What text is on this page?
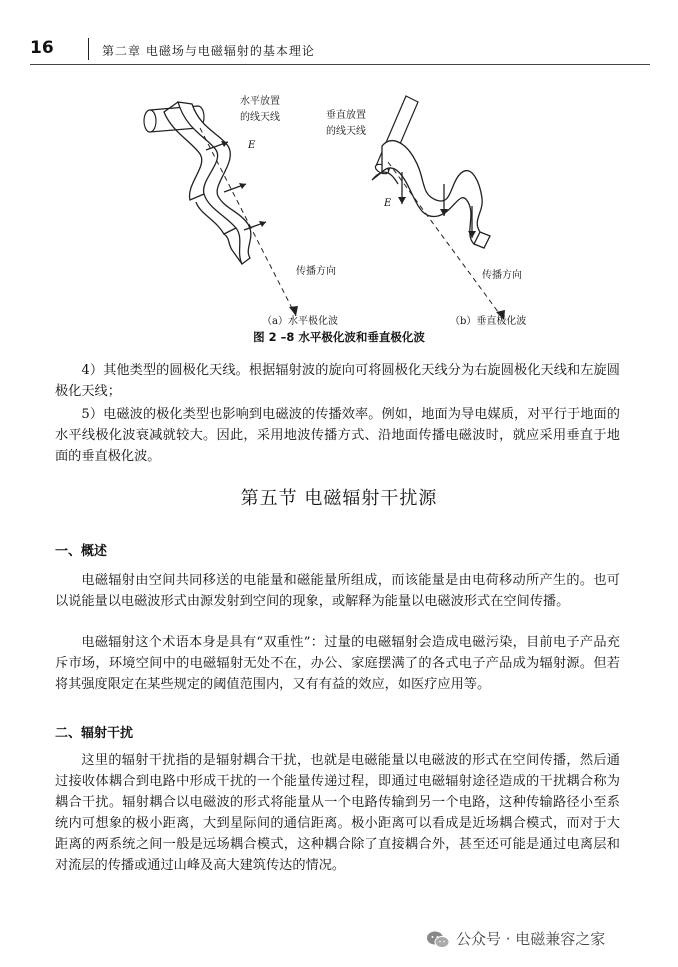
16	第二章 电磁场与电磁辐射的基本理论
水平放置
的线天线
E
传播方向
（a）水平极化波
垂直放置
的线天线
E
传播方向
（b）垂直极化波
图 2 –8 水平极化波和垂直极化波
4）其他类型的圆极化天线。根据辐射波的旋向可将圆极化天线分为右旋圆极化天线和左旋圆极化天线；
5）电磁波的极化类型也影响到电磁波的传播效率。例如，地面为导电媒质，对平行于地面的水平线极化波衰减就较大。因此，采用地波传播方式、沿地面传播电磁波时，就应采用垂直于地面的垂直极化波。
第五节 电磁辐射干扰源
一、概述
电磁辐射由空间共同移送的电能量和磁能量所组成，而该能量是由电荷移动所产生的。也可以说能量以电磁波形式由源发射到空间的现象，或解释为能量以电磁波形式在空间传播。
电磁辐射这个术语本身是具有“双重性”：过量的电磁辐射会造成电磁污染，目前电子产品充斥市场，环境空间中的电磁辐射无处不在，办公、家庭摆满了的各式电子产品成为辐射源。但若将其强度限定在某些规定的阈值范围内，又有有益的效应，如医疗应用等。
二、辐射干扰
这里的辐射干扰指的是辐射耦合干扰，也就是电磁能量以电磁波的形式在空间传播，然后通过接收体耦合到电路中形成干扰的一个能量传递过程，即通过电磁辐射途径造成的干扰耦合称为耦合干扰。辐射耦合以电磁波的形式将能量从一个电路传输到另一个电路，这种传输路径小至系统内可想象的极小距离，大到星际间的通信距离。极小距离可以看成是近场耦合模式，而对于大距离的两系统之间一般是远场耦合模式，这种耦合除了直接耦合外，甚至还可能是通过电离层和对流层的传播或通过山峰及高大建筑传达的情况。
公众号 · 电磁兼容之家
